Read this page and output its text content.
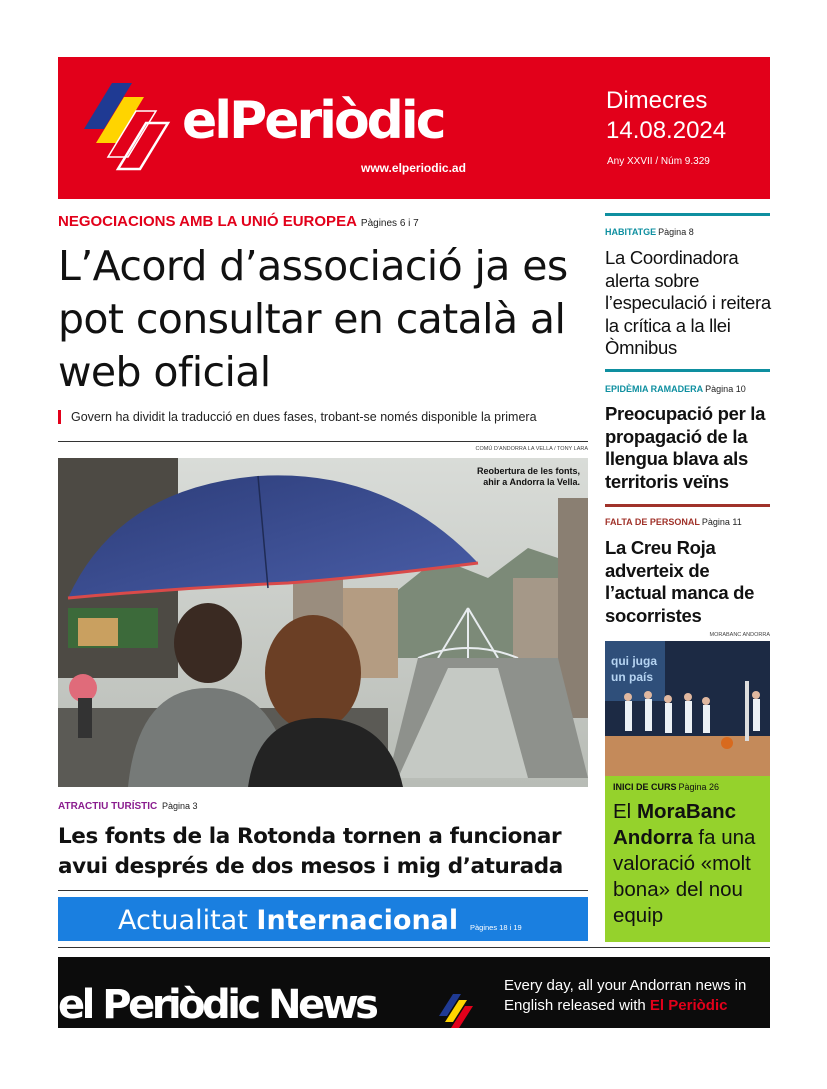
elPeriòdic
www.elperiodic.ad
Dimecres
14.08.2024
Any XXVII / Núm 9.329
NEGOCIACIONS AMB LA UNIÓ EUROPEA Pàgines 6 i 7
L’Acord d’associació ja es pot consultar en català al web oficial
Govern ha dividit la traducció en dues fases, trobant-se només disponible la primera
COMÚ D’ANDORRA LA VELLA / TONY LARA
Reobertura de les fonts,
ahir a Andorra la Vella.
ATRACTIU TURÍSTIC Pàgina 3
Les fonts de la Rotonda tornen a funcionar avui després de dos mesos i mig d’aturada
Actualitat Internacional Pàgines 18 i 19
HABITATGE Pàgina 8
La Coordinadora alerta sobre l’especulació i reitera la crítica a la llei Òmnibus
EPIDÈMIA RAMADERA Pàgina 10
Preocupació per la propagació de la llengua blava als territoris veïns
FALTA DE PERSONAL Pàgina 11
La Creu Roja adverteix de l’actual manca de socorristes
MORABANC ANDORRA
qui juga
un país
INICI DE CURS Pàgina 26
El MoraBanc Andorra fa una valoració «molt bona» del nou equip
el Periòdic News	Every day, all your Andorran news in English released with El Periòdic
